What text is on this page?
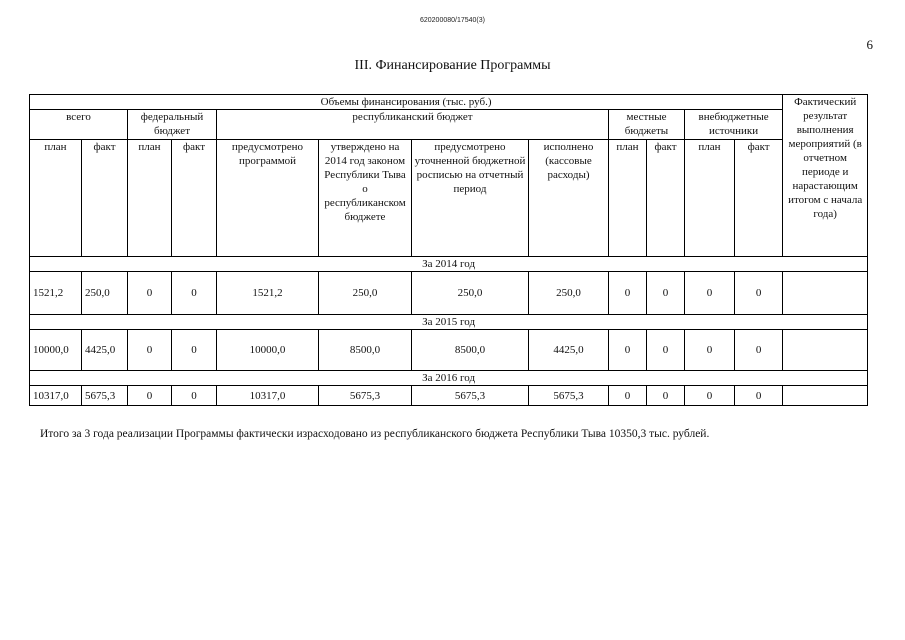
620200080/17540(3)
6
III. Финансирование Программы
Объемы финансирования (тыс. руб.)												Фактический результат выполнения мероприятий (в отчетном периоде и нарастающим итогом с начала года)
всего		федеральный бюджет		республиканский бюджет				местные бюджеты		внебюджетные источники		
план	факт	план	факт	предусмотрено программой	утверждено на 2014 год законом Республики Тыва о республиканском бюджете	предусмотрено уточненной бюджетной росписью на отчетный период	исполнено (кассовые расходы)	план	факт	план	факт	
За 2014 год												
1521,2	250,0	0	0	1521,2	250,0	250,0	250,0	0	0	0	0	
За 2015 год												
10000,0	4425,0	0	0	10000,0	8500,0	8500,0	4425,0	0	0	0	0	
За 2016 год												
10317,0	5675,3	0	0	10317,0	5675,3	5675,3	5675,3	0	0	0	0	
Итого за 3 года реализации Программы фактически израсходовано из республиканского бюджета Республики Тыва 10350,3 тыс. рублей.
